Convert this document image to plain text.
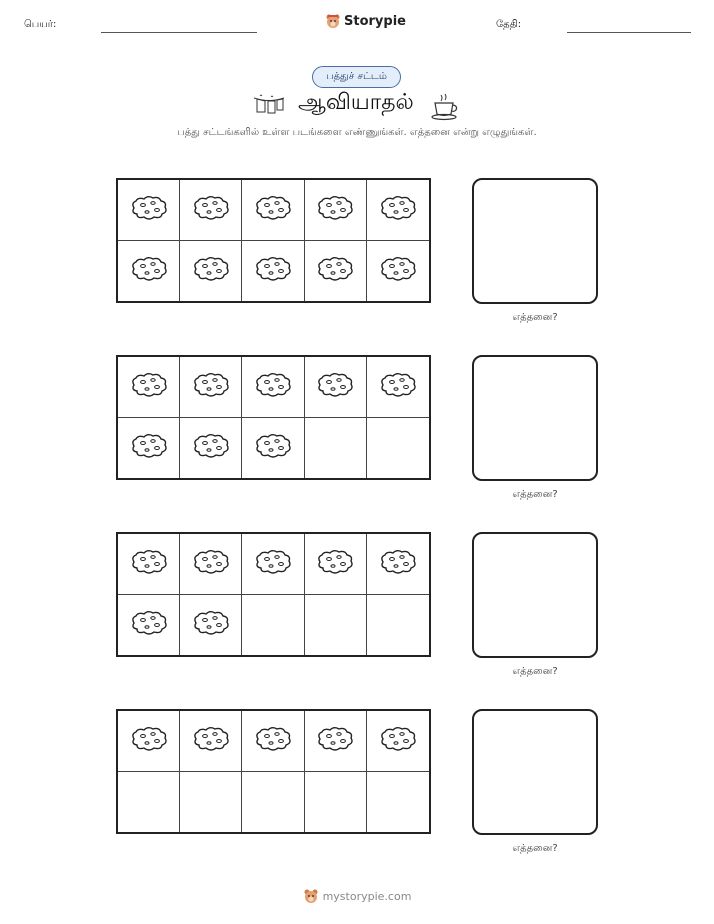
பெயர்:	Storypie	தேதி:
பத்துச் சட்டம்
ஆவியாதல்
பத்து சட்டங்களில் உள்ள படங்களை எண்ணுங்கள். எத்தனை என்று எழுதுங்கள்.
எத்தனை?
எத்தனை?
எத்தனை?
எத்தனை?
mystorypie.com
